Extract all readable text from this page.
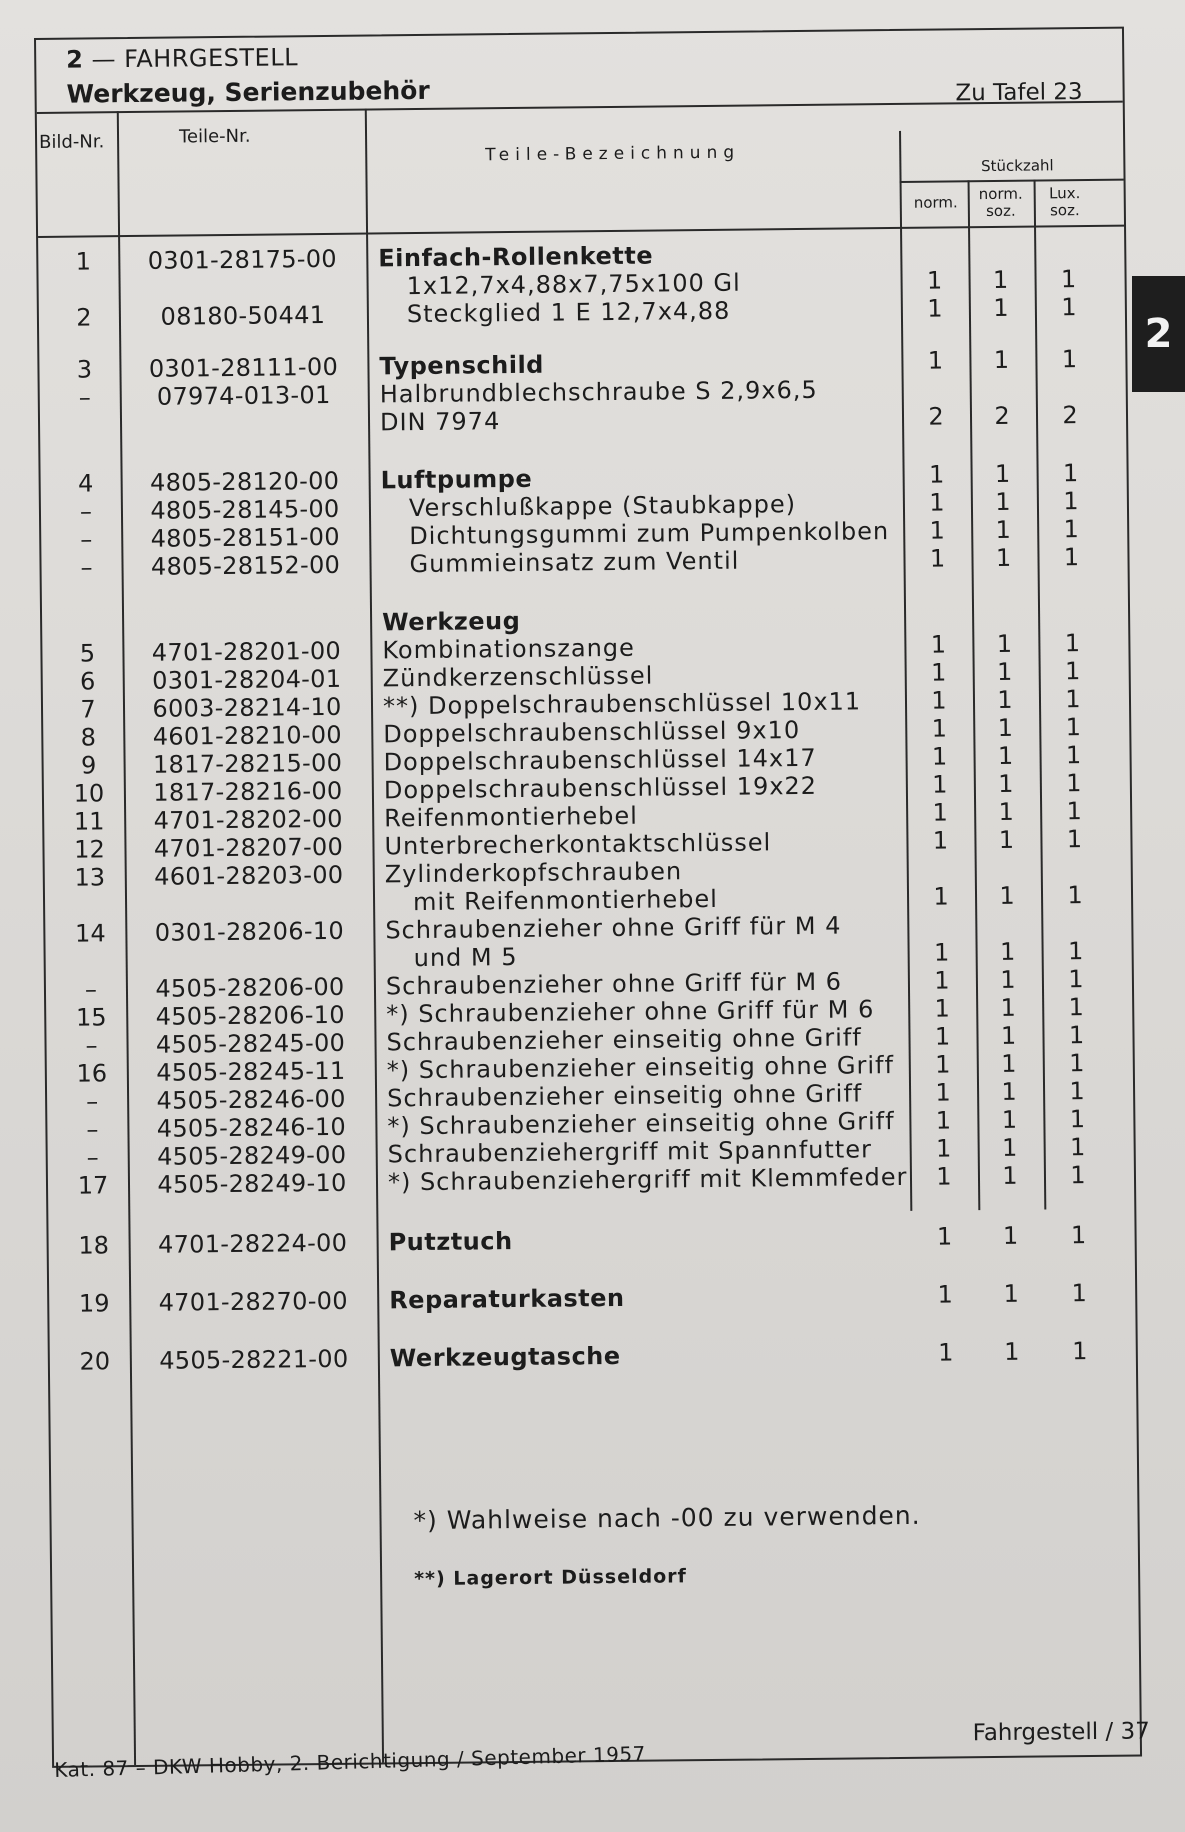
2
2 — FAHRGESTELL
Werkzeug, Serienzubehör	Zu Tafel 23
Bild-Nr.	Teile-Nr.
Teile-Bezeichnung
Stückzahl
norm.	norm. soz.
Lux. soz.
1	0301-28175-00	Einfach-Rollenkette
1x12,7x4,88x7,75x100 Gl	1	1	1
2	08180-50441	Steckglied 1 E 12,7x4,88	1	1	1
3	0301-28111-00	Typenschild	1	1	1
–	07974-013-01	Halbrundblechschraube S 2,9x6,5
DIN 7974	2	2	2
4	4805-28120-00	Luftpumpe	1	1	1
–	4805-28145-00	Verschlußkappe (Staubkappe)	1	1	1
–	4805-28151-00	Dichtungsgummi zum Pumpenkolben	1	1	1
–	4805-28152-00	Gummieinsatz zum Ventil	1	1	1
Werkzeug
5	4701-28201-00	Kombinationszange	1	1	1
6	0301-28204-01	Zündkerzenschlüssel	1	1	1
7	6003-28214-10	**) Doppelschraubenschlüssel 10x11	1	1	1
8	4601-28210-00	Doppelschraubenschlüssel 9x10	1	1	1
9	1817-28215-00	Doppelschraubenschlüssel 14x17	1	1	1
10	1817-28216-00	Doppelschraubenschlüssel 19x22	1	1	1
11	4701-28202-00	Reifenmontierhebel	1	1	1
12	4701-28207-00	Unterbrecherkontaktschlüssel	1	1	1
13	4601-28203-00	Zylinderkopfschrauben
mit Reifenmontierhebel	1	1	1
14	0301-28206-10	Schraubenzieher ohne Griff für M 4
und M 5	1	1	1
–	4505-28206-00	Schraubenzieher ohne Griff für M 6	1	1	1
15	4505-28206-10	*) Schraubenzieher ohne Griff für M 6	1	1	1
–	4505-28245-00	Schraubenzieher einseitig ohne Griff	1	1	1
16	4505-28245-11	*) Schraubenzieher einseitig ohne Griff	1	1	1
–	4505-28246-00	Schraubenzieher einseitig ohne Griff	1	1	1
–	4505-28246-10	*) Schraubenzieher einseitig ohne Griff	1	1	1
–	4505-28249-00	Schraubenziehergriff mit Spannfutter	1	1	1
17	4505-28249-10	*) Schraubenziehergriff mit Klemmfeder	1	1	1
18	4701-28224-00	Putztuch	1	1	1
19	4701-28270-00	Reparaturkasten	1	1	1
20	4505-28221-00	Werkzeugtasche	1	1	1
*) Wahlweise nach -00 zu verwenden.
**) Lagerort Düsseldorf
Fahrgestell / 37
Kat. 87 – DKW Hobby, 2. Berichtigung / September 1957
